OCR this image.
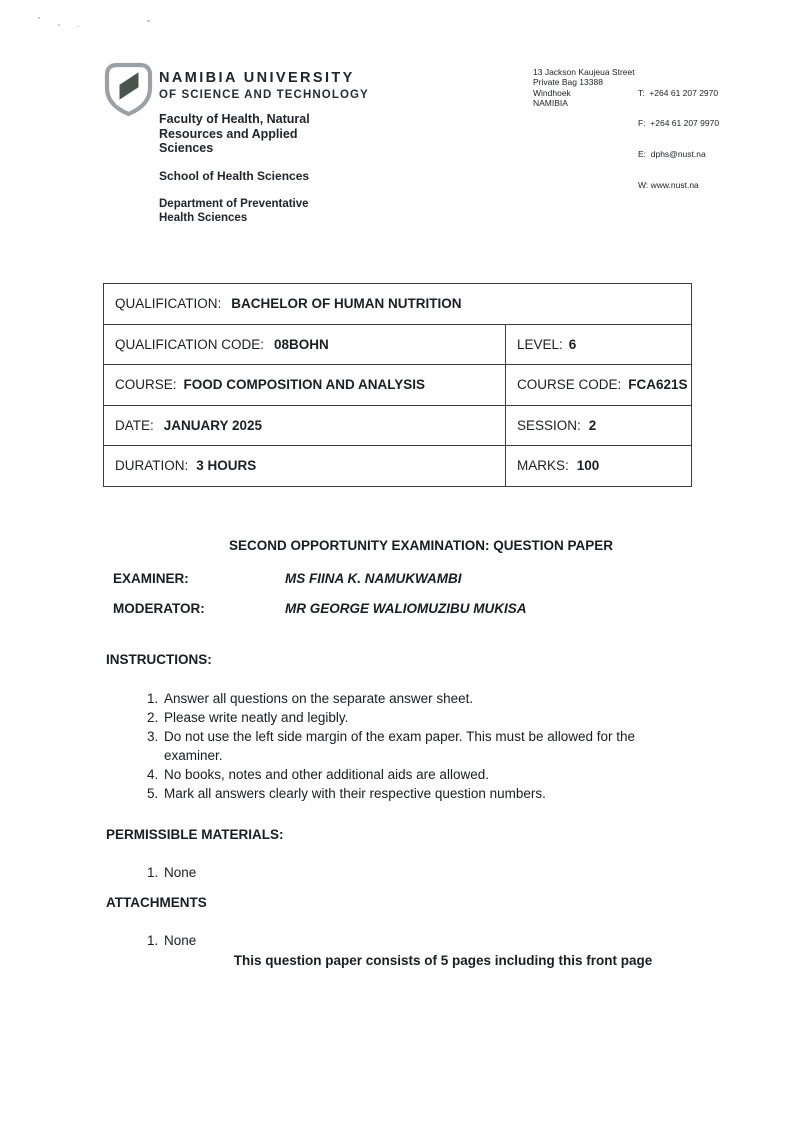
NAMIBIA UNIVERSITY
OF SCIENCE AND TECHNOLOGY
Faculty of Health, Natural
Resources and Applied
Sciences
School of Health Sciences
Department of Preventative
Health Sciences
13 Jackson Kaujeua Street
Private Bag 13388
Windhoek
NAMIBIA

T:  +264 61 207 2970

F:  +264 61 207 9970

E:  dphs@nust.na

W: www.nust.na

QUALIFICATION: BACHELOR OF HUMAN NUTRITION	
QUALIFICATION CODE: 08BOHN	LEVEL: 6
COURSE: FOOD COMPOSITION AND ANALYSIS	COURSE CODE: FCA621S
DATE: JANUARY 2025	SESSION: 2
DURATION: 3 HOURS	MARKS: 100
SECOND OPPORTUNITY EXAMINATION: QUESTION PAPER
EXAMINER:	MS FIINA K. NAMUKWAMBI
MODERATOR:	MR GEORGE WALIOMUZIBU MUKISA
INSTRUCTIONS:
1. Answer all questions on the separate answer sheet.
2. Please write neatly and legibly.
3. Do not use the left side margin of the exam paper. This must be allowed for the examiner.
4. No books, notes and other additional aids are allowed.
5. Mark all answers clearly with their respective question numbers.
PERMISSIBLE MATERIALS:
1. None
ATTACHMENTS
1. None
This question paper consists of 5 pages including this front page
